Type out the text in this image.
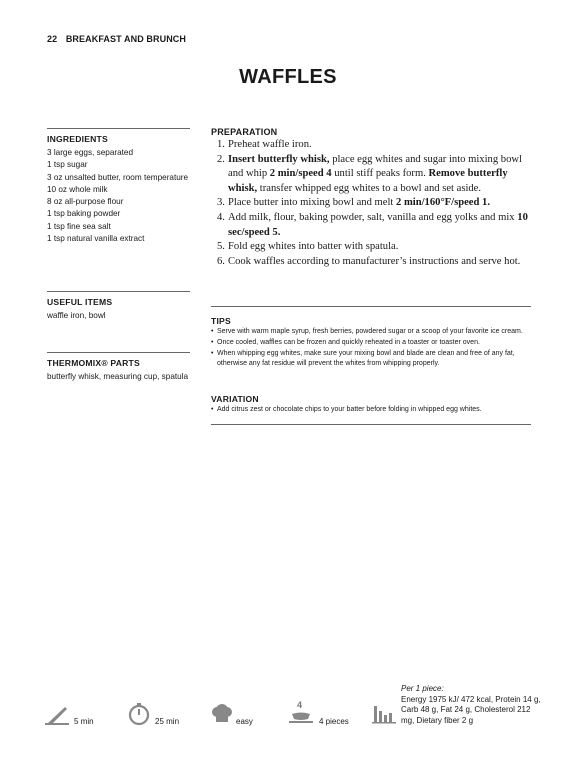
22 BREAKFAST AND BRUNCH
WAFFLES
INGREDIENTS
3 large eggs, separated
1 tsp sugar
3 oz unsalted butter, room temperature
10 oz whole milk
8 oz all-purpose flour
1 tsp baking powder
1 tsp fine sea salt
1 tsp natural vanilla extract
USEFUL ITEMS
waffle iron, bowl
THERMOMIX® PARTS
butterfly whisk, measuring cup, spatula
PREPARATION
1. Preheat waffle iron.
2. Insert butterfly whisk, place egg whites and sugar into mixing bowl and whip 2 min/speed 4 until stiff peaks form. Remove butterfly whisk, transfer whipped egg whites to a bowl and set aside.
3. Place butter into mixing bowl and melt 2 min/160°F/speed 1.
4. Add milk, flour, baking powder, salt, vanilla and egg yolks and mix 10 sec/speed 5.
5. Fold egg whites into batter with spatula.
6. Cook waffles according to manufacturer’s instructions and serve hot.
TIPS
• Serve with warm maple syrup, fresh berries, powdered sugar or a scoop of your favorite ice cream.
• Once cooled, waffles can be frozen and quickly reheated in a toaster or toaster oven.
• When whipping egg whites, make sure your mixing bowl and blade are clean and free of any fat, otherwise any fat residue will prevent the whites from whipping properly.
VARIATION
• Add citrus zest or chocolate chips to your batter before folding in whipped egg whites.
5 min	25 min	easy
4
4 pieces
Per 1 piece:
Energy 1975 kJ/ 472 kcal, Protein 14 g, Carb 48 g, Fat 24 g, Cholesterol 212 mg, Dietary fiber 2 g
